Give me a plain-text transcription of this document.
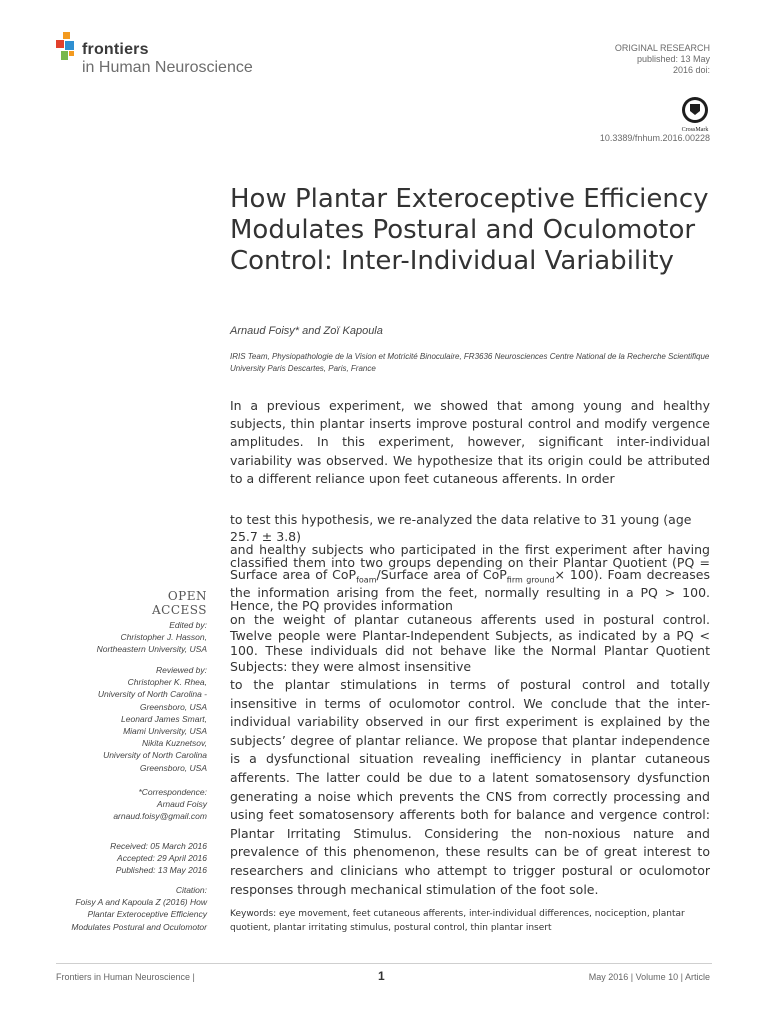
frontiers
in Human Neuroscience
ORIGINAL RESEARCH
published: 13 May
2016 doi:
CrossMark
10.3389/fnhum.2016.00228
How Plantar Exteroceptive Efficiency Modulates Postural and Oculomotor Control: Inter-Individual Variability
Arnaud Foisy* and Zoï Kapoula
IRIS Team, Physiopathologie de la Vision et Motricité Binoculaire, FR3636 Neurosciences Centre National de la Recherche Scientifique University Paris Descartes, Paris, France

In a previous experiment, we showed that among young and healthy subjects, thin plantar inserts improve postural control and modify vergence amplitudes. In this experiment, however, significant inter-individual variability was observed. We hypothesize that its origin could be attributed to a different reliance upon feet cutaneous afferents. In order

to test this hypothesis, we re-analyzed the data relative to 31 young (age 25.7 ± 3.8)

and healthy subjects who participated in the first experiment after having classified them into two groups depending on their Plantar Quotient (PQ = Surface area of CoP$_{foam}$/Surface area of CoP$_{firm ground}$× 100). Foam decreases the information arising from the feet, normally resulting in a PQ > 100. Hence, the PQ provides information

on the weight of plantar cutaneous afferents used in postural control. Twelve people were Plantar-Independent Subjects, as indicated by a PQ < 100. These individuals did not behave like the Normal Plantar Quotient Subjects: they were almost insensitive

to the plantar stimulations in terms of postural control and totally insensitive in terms of oculomotor control. We conclude that the inter-individual variability observed in our first experiment is explained by the subjects’ degree of plantar reliance. We propose that plantar independence is a dysfunctional situation revealing inefficiency in plantar cutaneous afferents. The latter could be due to a latent somatosensory dysfunction generating a noise which prevents the CNS from correctly processing and using feet somatosensory afferents both for balance and vergence control: Plantar Irritating Stimulus. Considering the non-noxious nature and prevalence of this phenomenon, these results can be of great interest to researchers and clinicians who attempt to trigger postural or oculomotor responses through mechanical stimulation of the foot sole.

Keywords: eye movement, feet cutaneous afferents, inter-individual differences, nociception, plantar quotient, plantar irritating stimulus, postural control, thin plantar insert
OPEN ACCESS
Edited by:
Christopher J. Hasson,
Northeastern University, USA
Reviewed by:
Christopher K. Rhea,
University of North Carolina -
Greensboro, USA
Leonard James Smart,
Miami University, USA
Nikita Kuznetsov,
University of North Carolina
Greensboro, USA
*Correspondence:
Arnaud Foisy
arnaud.foisy@gmail.com
Received: 05 March 2016
Accepted: 29 April 2016
Published: 13 May 2016
Citation:
Foisy A and Kapoula Z (2016) How
Plantar Exteroceptive Efficiency
Modulates Postural and Oculomotor
Frontiers in Human Neuroscience |	1	May 2016 | Volume 10 | Article
